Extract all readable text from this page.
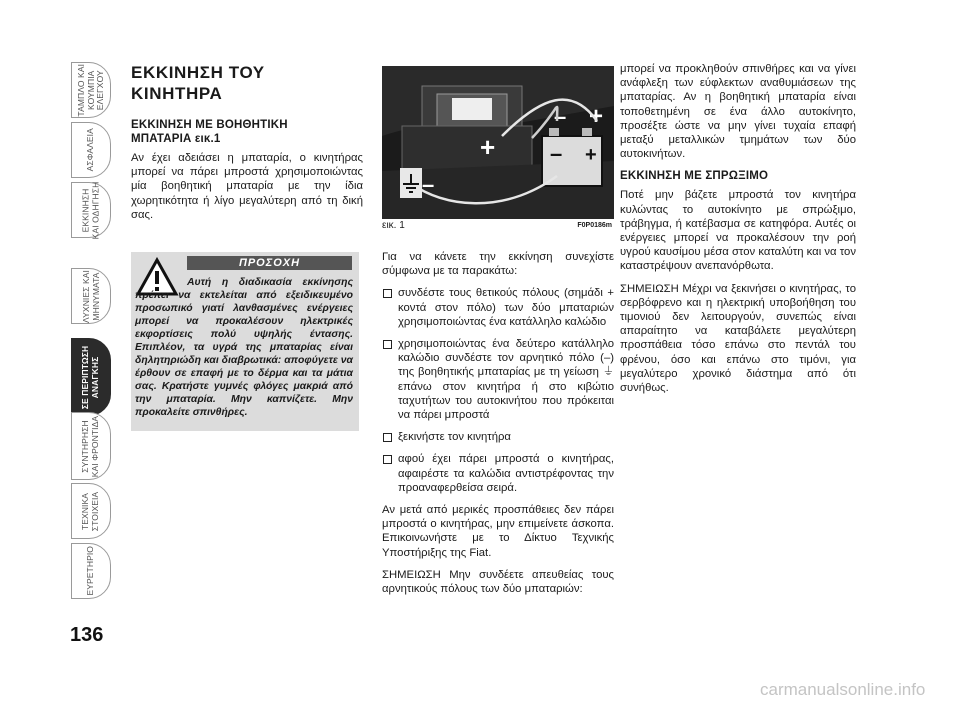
ΤΑΜΠΛΟ ΚΑΙ
ΚΟΥΜΠΙΑ
ΕΛΕΓΧΟΥ
ΑΣΦΑΛΕΙΑ
ΕΚΚΙΝΗΣΗ
ΚΑΙ ΟΔΗΓΗΣΗ
ΛΥΧΝΙΕΣ ΚΑΙ
ΜΗΝΥΜΑΤΑ
ΣΕ ΠΕΡΙΠΤΩΣΗ
ΑΝΑΓΚΗΣ
ΣΥΝΤΗΡΗΣΗ
ΚΑΙ ΦΡΟΝΤΙΔΑ
ΤΕΧΝΙΚΑ
ΣΤΟΙΧΕΙΑ
ΕΥΡΕΤΗΡΙΟ
136
ΕΚΚΙΝΗΣΗ ΤΟΥ
ΚΙΝΗΤΗΡΑ
ΕΚΚΙΝΗΣΗ ΜΕ ΒΟΗΘΗΤΙΚΗ
ΜΠΑΤΑΡΙΑ εικ.1

Αν έχει αδειάσει η μπαταρία, ο κινητήρας μπορεί να πάρει μπροστά χρησιμοποιώντας μία βοηθητική μπαταρία με την ίδια χωρητικότητα ή λίγο μεγαλύτερη από τη δική σας.

ΠΡΟΣΟΧΗ
Αυτή η διαδικασία εκκίνησης πρέπει να εκτελείται από εξειδικευμένο προσωπικό γιατί λανθασμένες ενέργειες μπορεί να προκαλέσουν ηλεκτρικές εκφορτίσεις πολύ υψηλής έντασης. Επιπλέον, τα υγρά της μπαταρίας είναι δηλητηριώδη και διαβρωτικά: αποφύγετε να έρθουν σε επαφή με το δέρμα και τα μάτια σας. Κρατήστε γυμνές φλόγες μακριά από την μπαταρία. Μην καπνίζετε. Μην προκαλείτε σπινθήρες.
– +
+
– +
–
εικ. 1	F0P0186m

Για να κάνετε την εκκίνηση συνεχίστε σύμφωνα με τα παρακάτω:

συνδέστε τους θετικούς πόλους (σημάδι + κοντά στον πόλο) των δύο μπαταριών χρησιμοποιώντας ένα κατάλληλο καλώδιο
χρησιμοποιώντας ένα δεύτερο κατάλληλο καλώδιο συνδέστε τον αρνητικό πόλο (–) της βοηθητικής μπαταρίας με τη γείωση ⏚ επάνω στον κινητήρα ή στο κιβώτιο ταχυτήτων του αυτοκινήτου που πρόκειται να πάρει μπροστά
ξεκινήστε τον κινητήρα
αφού έχει πάρει μπροστά ο κινητήρας, αφαιρέστε τα καλώδια αντιστρέφοντας την προαναφερθείσα σειρά.

Αν μετά από μερικές προσπάθειες δεν πάρει μπροστά ο κινητήρας, μην επιμείνετε άσκοπα. Επικοινωνήστε με το Δίκτυο Τεχνικής Υποστήριξης της Fiat.

ΣΗΜΕΙΩΣΗ Μην συνδέετε απευθείας τους αρνητικούς πόλους των δύο μπαταριών:

μπορεί να προκληθούν σπινθήρες και να γίνει ανάφλεξη των εύφλεκτων αναθυμιάσεων της μπαταρίας. Αν η βοηθητική μπαταρία είναι τοποθετημένη σε ένα άλλο αυτοκίνητο, προσέξτε ώστε να μην γίνει τυχαία επαφή μεταξύ μεταλλικών τμημάτων των δύο αυτοκινήτων.

ΕΚΚΙΝΗΣΗ ΜΕ ΣΠΡΩΞΙΜΟ

Ποτέ μην βάζετε μπροστά τον κινητήρα κυλώντας το αυτοκίνητο με σπρώξιμο, τράβηγμα, ή κατέβασμα σε κατηφόρα. Αυτές οι ενέργειες μπορεί να προκαλέσουν την ροή υγρού καυσίμου μέσα στον καταλύτη και να τον καταστρέψουν ανεπανόρθωτα.

ΣΗΜΕΙΩΣΗ Μέχρι να ξεκινήσει ο κινητήρας, το σερβόφρενο και η ηλεκτρική υποβοήθηση του τιμονιού δεν λειτουργούν, συνεπώς είναι απαραίτητο να καταβάλετε μεγαλύτερη προσπάθεια τόσο επάνω στο πεντάλ του φρένου, όσο και επάνω στο τιμόνι, για μεγαλύτερο χρονικό διάστημα από ότι συνήθως.

carmanualsonline.info
